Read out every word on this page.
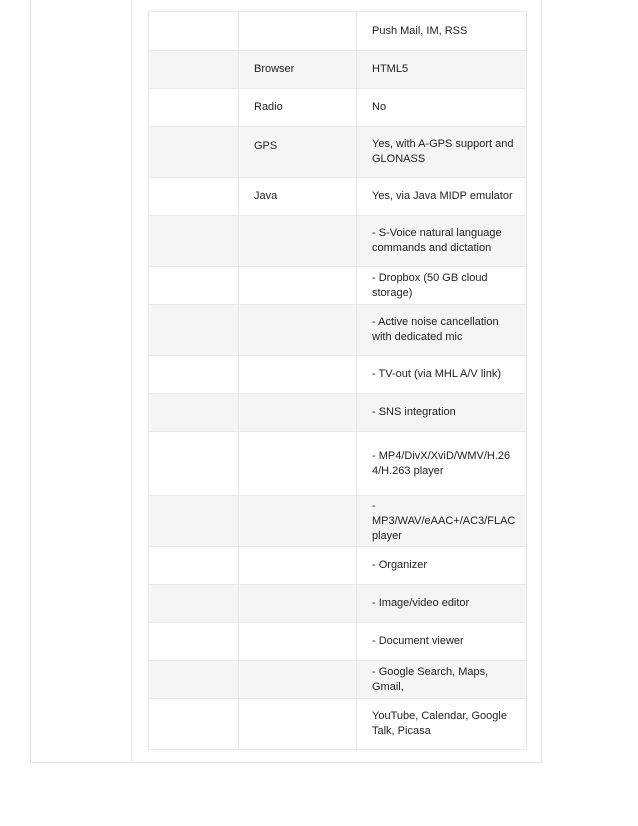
		Push Mail, IM, RSS
	Browser	HTML5
	Radio	No
	GPS	Yes, with A-GPS support and GLONASS
	Java	Yes, via Java MIDP emulator
		- S-Voice natural language commands and dictation
		- Dropbox (50 GB cloud storage)
		- Active noise cancellation with dedicated mic
		- TV-out (via MHL A/V link)
		- SNS integration
		- MP4/DivX/XviD/WMV/H.264/H.263 player
		- MP3/WAV/eAAC+/AC3/FLAC player
		- Organizer
		- Image/video editor
		- Document viewer
		- Google Search, Maps, Gmail,
		YouTube, Calendar, Google Talk, Picasa
